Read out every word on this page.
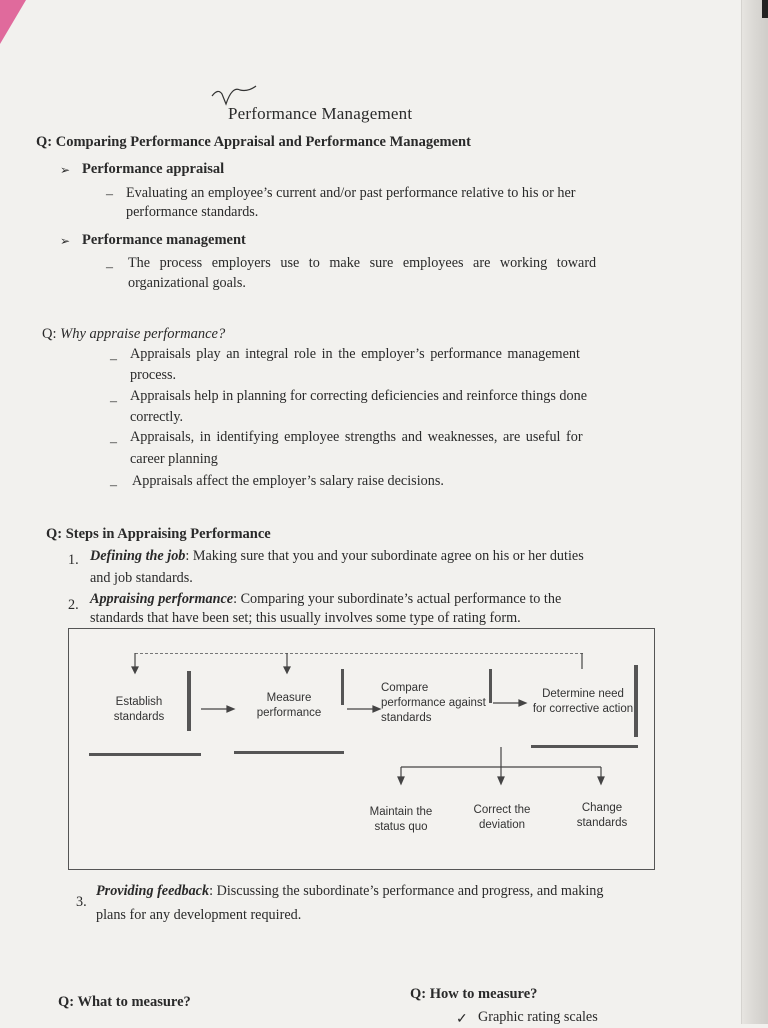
Performance Management
Q: Comparing Performance Appraisal and Performance Management
➢ Performance appraisal
– Evaluating an employee’s current and/or past performance relative to his or her
performance standards.
➢ Performance management
– The process employers use to make sure employees are working toward
organizational goals.
Q: Why appraise performance?
– Appraisals play an integral role in the employer’s performance management
process.
– Appraisals help in planning for correcting deficiencies and reinforce things done
correctly.
– Appraisals, in identifying employee strengths and weaknesses, are useful for
career planning
– Appraisals affect the employer’s salary raise decisions.
Q: Steps in Appraising Performance
1. Defining the job: Making sure that you and your subordinate agree on his or her duties
and job standards.
2. Appraising performance: Comparing your subordinate’s actual performance to the
standards that have been set; this usually involves some type of rating form.
Establish
standards
Measure
performance
Compare
performance against
standards
Determine need
for corrective action
Maintain the
status quo
Correct the
deviation
Change
standards
3.
Providing feedback: Discussing the subordinate’s performance and progress, and making
plans for any development required.
Q: What to measure?	Q: How to measure?
✓ Graphic rating scales
